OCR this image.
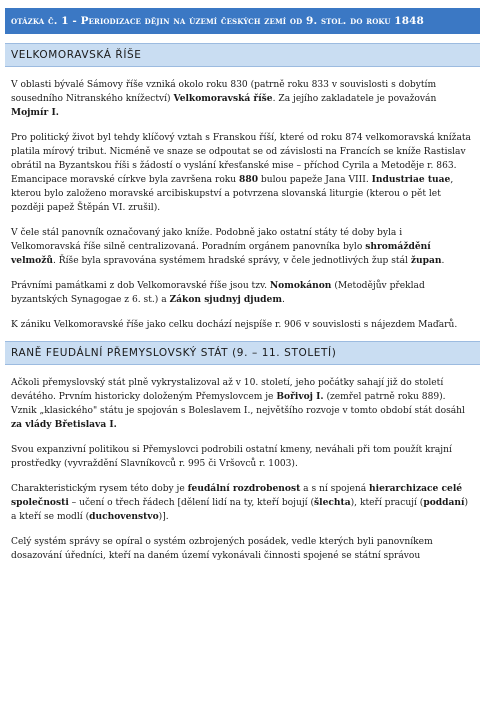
otázka č. 1 - Periodizace dějin na území českých zemí od 9. stol. do roku 1848
VELKOMORAVSKÁ ŘÍŠE

V oblasti bývalé Sámovy říše vzniká okolo roku 830 (patrně roku 833 v souvislosti s dobytím sousedního Nitranského knížectví) Velkomoravská říše. Za jejího zakladatele je považován Mojmír I.

Pro politický život byl tehdy klíčový vztah s Franskou říší, které od roku 874 velkomoravská knížata platila mírový tribut. Nicméně ve snaze se odpoutat se od závislosti na Francích se kníže Rastislav obrátil na Byzantskou říši s žádostí o vyslání křesťanské mise – příchod Cyrila a Metoděje r. 863. Emancipace moravské církve byla završena roku 880 bulou papeže Jana VIII. Industriae tuae, kterou bylo založeno moravské arcibiskupství a potvrzena slovanská liturgie (kterou o pět let později papež Štěpán VI. zrušil).

V čele stál panovník označovaný jako kníže. Podobně jako ostatní státy té doby byla i Velkomoravská říše silně centralizovaná. Poradním orgánem panovníka bylo shromáždění velmožů. Říše byla spravována systémem hradské správy, v čele jednotlivých žup stál župan.

Právními památkami z dob Velkomoravské říše jsou tzv. Nomokánon (Metodějův překlad byzantských Synagogae z 6. st.) a Zákon sjudnyj djudem.

K zániku Velkomoravské říše jako celku dochází nejspíše r. 906 v souvislosti s nájezdem Maďarů.

RANĚ FEUDÁLNÍ PŘEMYSLOVSKÝ STÁT (9. – 11. STOLETÍ)

Ačkoli přemyslovský stát plně vykrystalizoval až v 10. století, jeho počátky sahají již do století devátého. Prvním historicky doloženým Přemyslovcem je Bořivoj I. (zemřel patrně roku 889). Vznik „klasického" státu je spojován s Boleslavem I., největšího rozvoje v tomto období stát dosáhl za vlády Břetislava I.

Svou expanzivní politikou si Přemyslovci podrobili ostatní kmeny, neváhali při tom použít krajní prostředky (vyvraždění Slavníkovců r. 995 či Vršovců r. 1003).

Charakteristickým rysem této doby je feudální rozdrobenost a s ní spojená hierarchizace celé společnosti – učení o třech řádech [dělení lidí na ty, kteří bojují (šlechta), kteří pracují (poddaní) a kteří se modlí (duchovenstvo)].

Celý systém správy se opíral o systém ozbrojených posádek, vedle kterých byli panovníkem dosazování úředníci, kteří na daném území vykonávali činnosti spojené se státní správou
